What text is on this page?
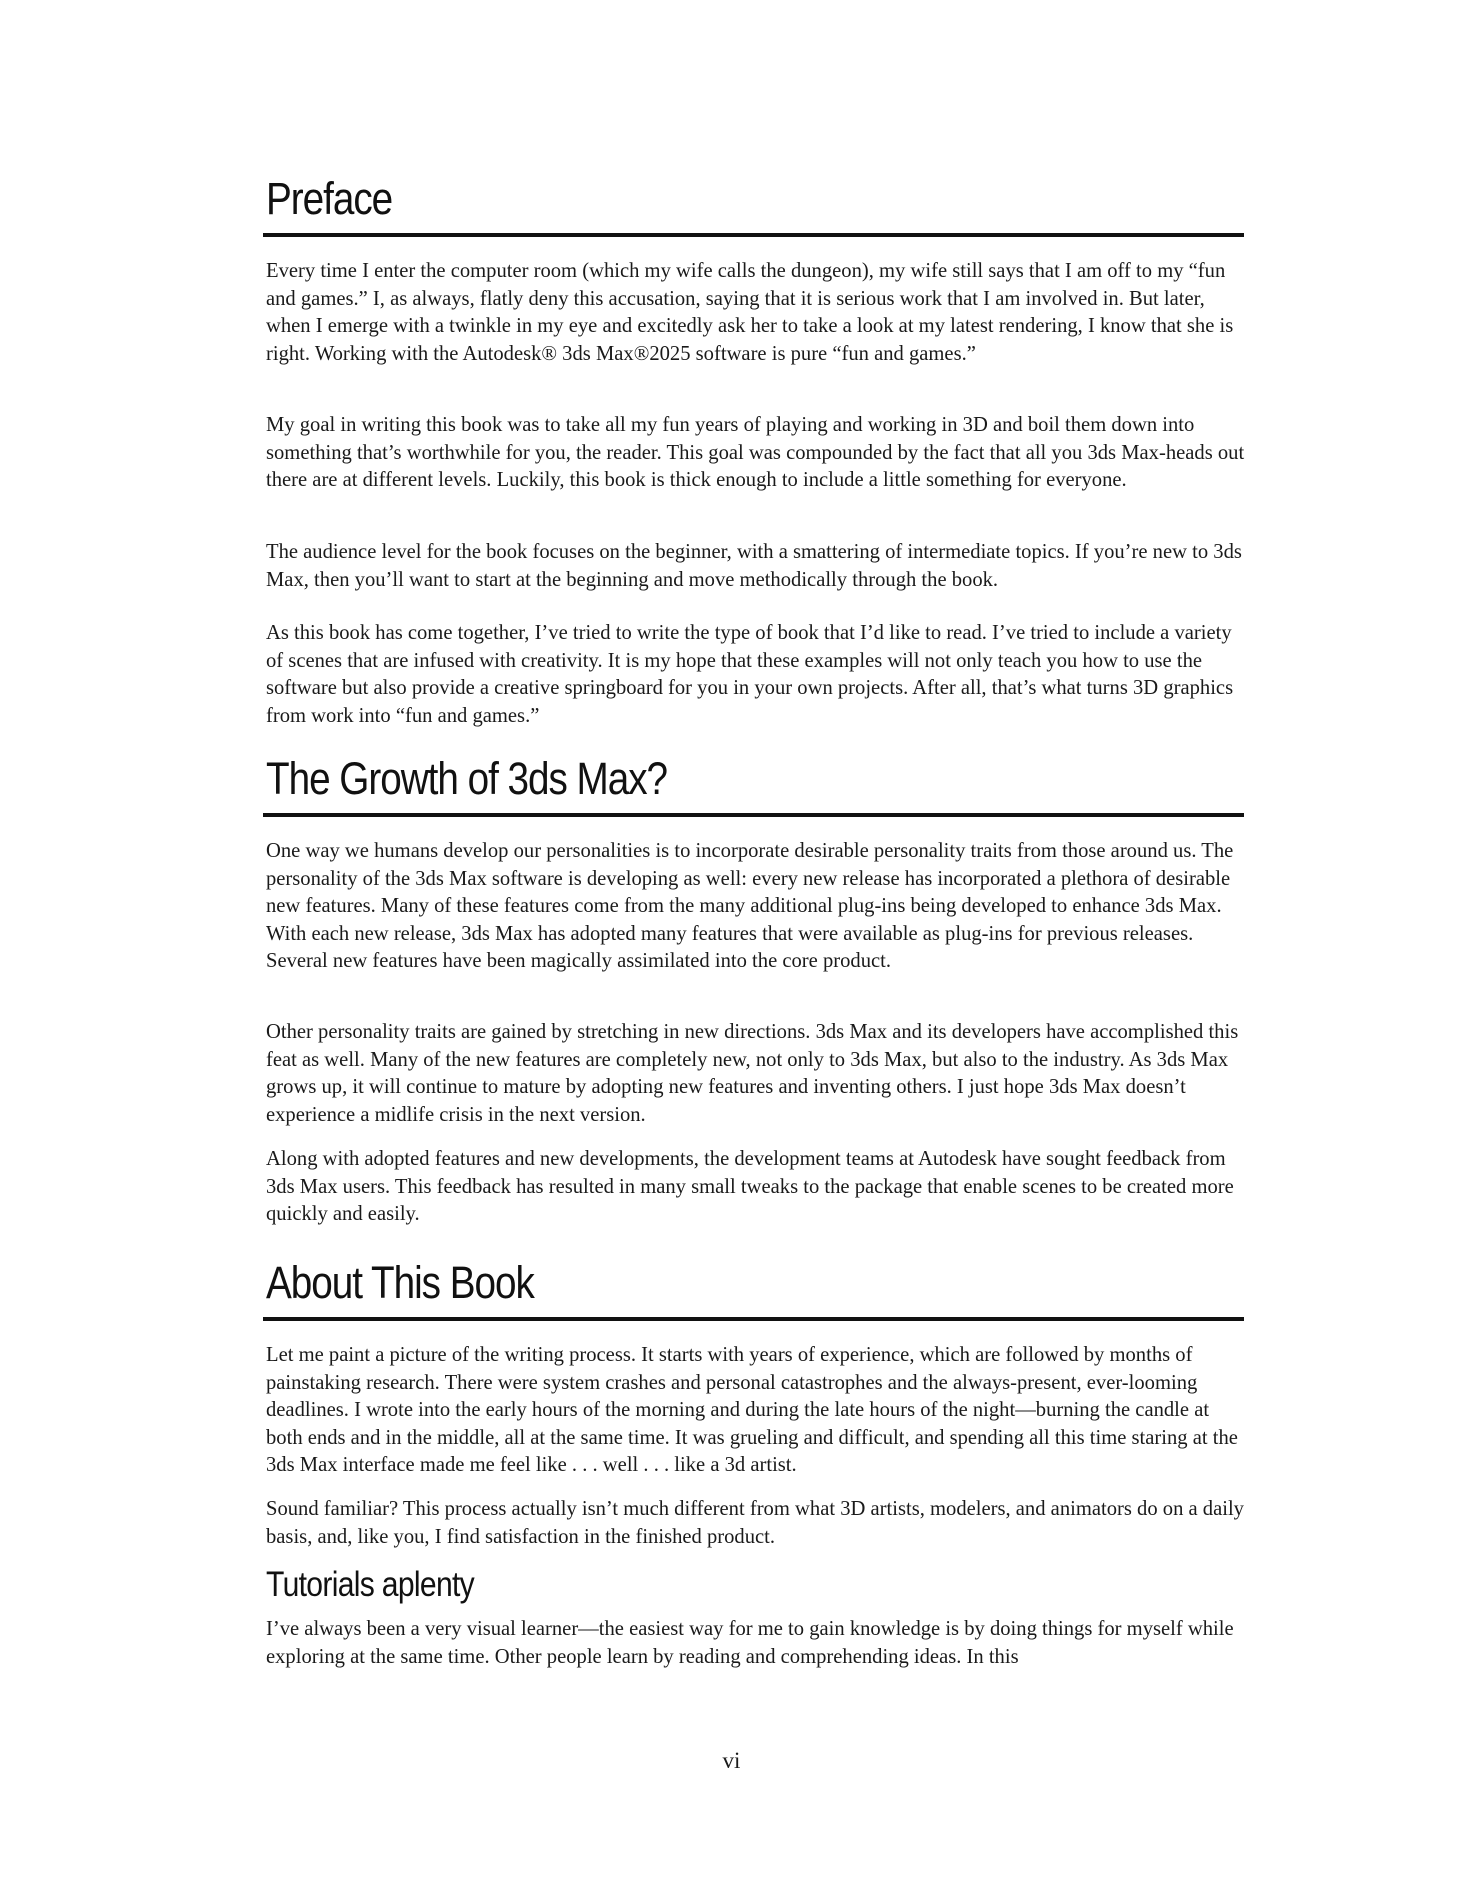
Preface

Every time I enter the computer room (which my wife calls the dungeon), my wife still says that I am off to my “fun and games.” I, as always, flatly deny this accusation, saying that it is serious work that I am involved in. But later, when I emerge with a twinkle in my eye and excitedly ask her to take a look at my latest rendering, I know that she is right. Working with the Autodesk® 3ds Max®2025 software is pure “fun and games.”

My goal in writing this book was to take all my fun years of playing and working in 3D and boil them down into something that’s worthwhile for you, the reader. This goal was compounded by the fact that all you 3ds Max-heads out there are at different levels. Luckily, this book is thick enough to include a little something for everyone.

The audience level for the book focuses on the beginner, with a smattering of intermediate topics. If you’re new to 3ds Max, then you’ll want to start at the beginning and move methodically through the book.

As this book has come together, I’ve tried to write the type of book that I’d like to read. I’ve tried to include a variety of scenes that are infused with creativity. It is my hope that these examples will not only teach you how to use the software but also provide a creative springboard for you in your own projects. After all, that’s what turns 3D graphics from work into “fun and games.”

The Growth of 3ds Max?

One way we humans develop our personalities is to incorporate desirable personality traits from those around us. The personality of the 3ds Max software is developing as well: every new release has incorporated a plethora of desirable new features. Many of these features come from the many additional plug-ins being developed to enhance 3ds Max. With each new release, 3ds Max has adopted many features that were available as plug-ins for previous releases. Several new features have been magically assimilated into the core product.

Other personality traits are gained by stretching in new directions. 3ds Max and its developers have accomplished this feat as well. Many of the new features are completely new, not only to 3ds Max, but also to the industry. As 3ds Max grows up, it will continue to mature by adopting new features and inventing others. I just hope 3ds Max doesn’t experience a midlife crisis in the next version.

Along with adopted features and new developments, the development teams at Autodesk have sought feedback from 3ds Max users. This feedback has resulted in many small tweaks to the package that enable scenes to be created more quickly and easily.

About This Book

Let me paint a picture of the writing process. It starts with years of experience, which are followed by months of painstaking research. There were system crashes and personal catastrophes and the always-present, ever-looming deadlines. I wrote into the early hours of the morning and during the late hours of the night—burning the candle at both ends and in the middle, all at the same time. It was grueling and difficult, and spending all this time staring at the 3ds Max interface made me feel like . . . well . . . like a 3d artist.

Sound familiar? This process actually isn’t much different from what 3D artists, modelers, and animators do on a daily basis, and, like you, I find satisfaction in the finished product.

Tutorials aplenty

I’ve always been a very visual learner—the easiest way for me to gain knowledge is by doing things for myself while exploring at the same time. Other people learn by reading and comprehending ideas. In this

vi
